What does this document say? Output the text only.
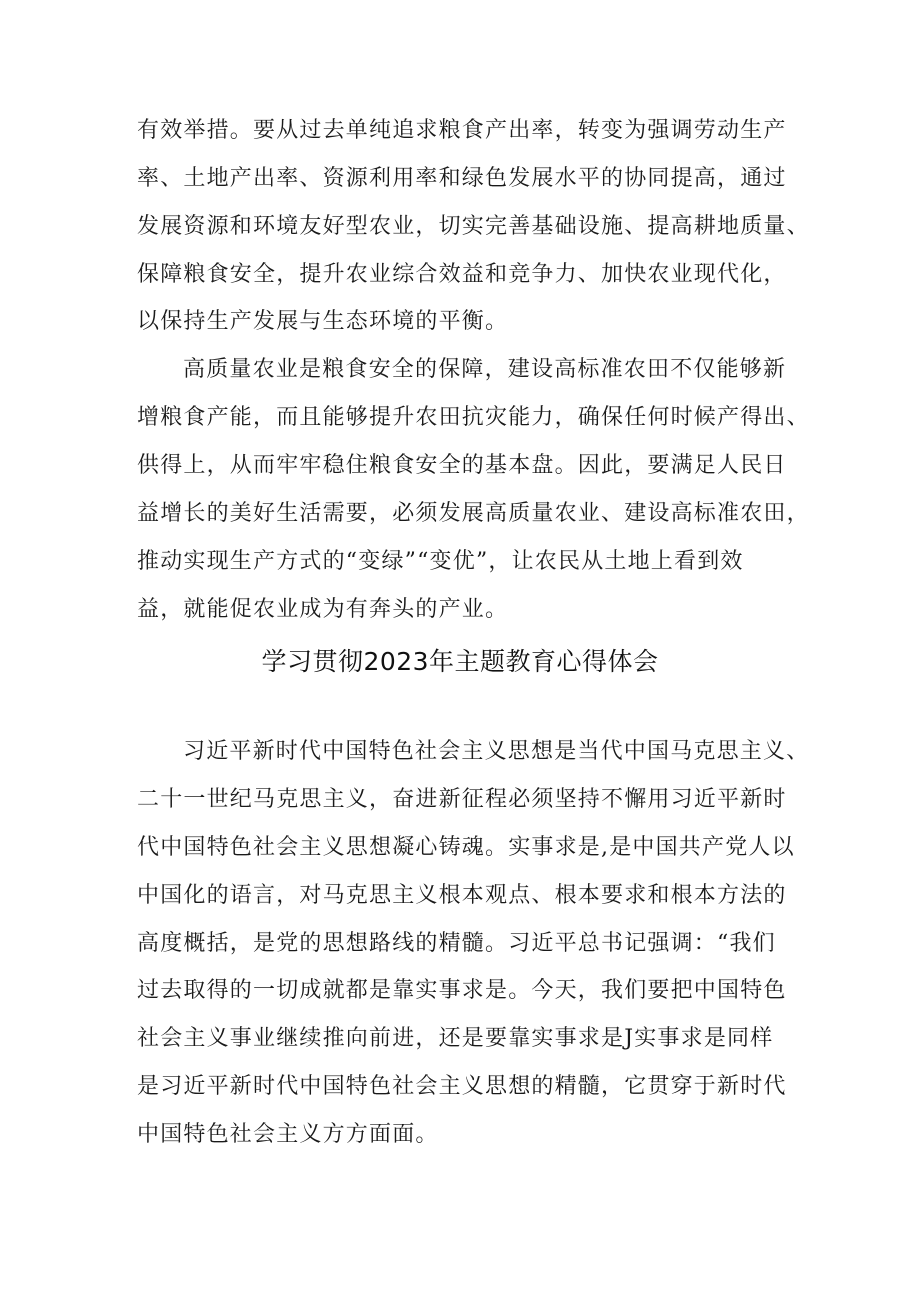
有效举措。要从过去单纯追求粮食产出率，转变为强调劳动生产
率、土地产出率、资源利用率和绿色发展水平的协同提高，通过
发展资源和环境友好型农业，切实完善基础设施、提高耕地质量、
保障粮食安全，提升农业综合效益和竞争力、加快农业现代化，
以保持生产发展与生态环境的平衡。
高质量农业是粮食安全的保障，建设高标准农田不仅能够新
增粮食产能，而且能够提升农田抗灾能力，确保任何时候产得出、
供得上，从而牢牢稳住粮食安全的基本盘。因此，要满足人民日
益增长的美好生活需要，必须发展高质量农业、建设高标准农田，
推动实现生产方式的“变绿”“变优”，让农民从土地上看到效
益，就能促农业成为有奔头的产业。
学习贯彻2023年主题教育心得体会
习近平新时代中国特色社会主义思想是当代中国马克思主义、
二十一世纪马克思主义，奋进新征程必须坚持不懈用习近平新时
代中国特色社会主义思想凝心铸魂。实事求是,是中国共产党人以
中国化的语言，对马克思主义根本观点、根本要求和根本方法的
高度概括，是党的思想路线的精髓。习近平总书记强调：“我们
过去取得的一切成就都是靠实事求是。今天，我们要把中国特色
社会主义事业继续推向前进，还是要靠实事求是J实事求是同样
是习近平新时代中国特色社会主义思想的精髓，它贯穿于新时代
中国特色社会主义方方面面。
